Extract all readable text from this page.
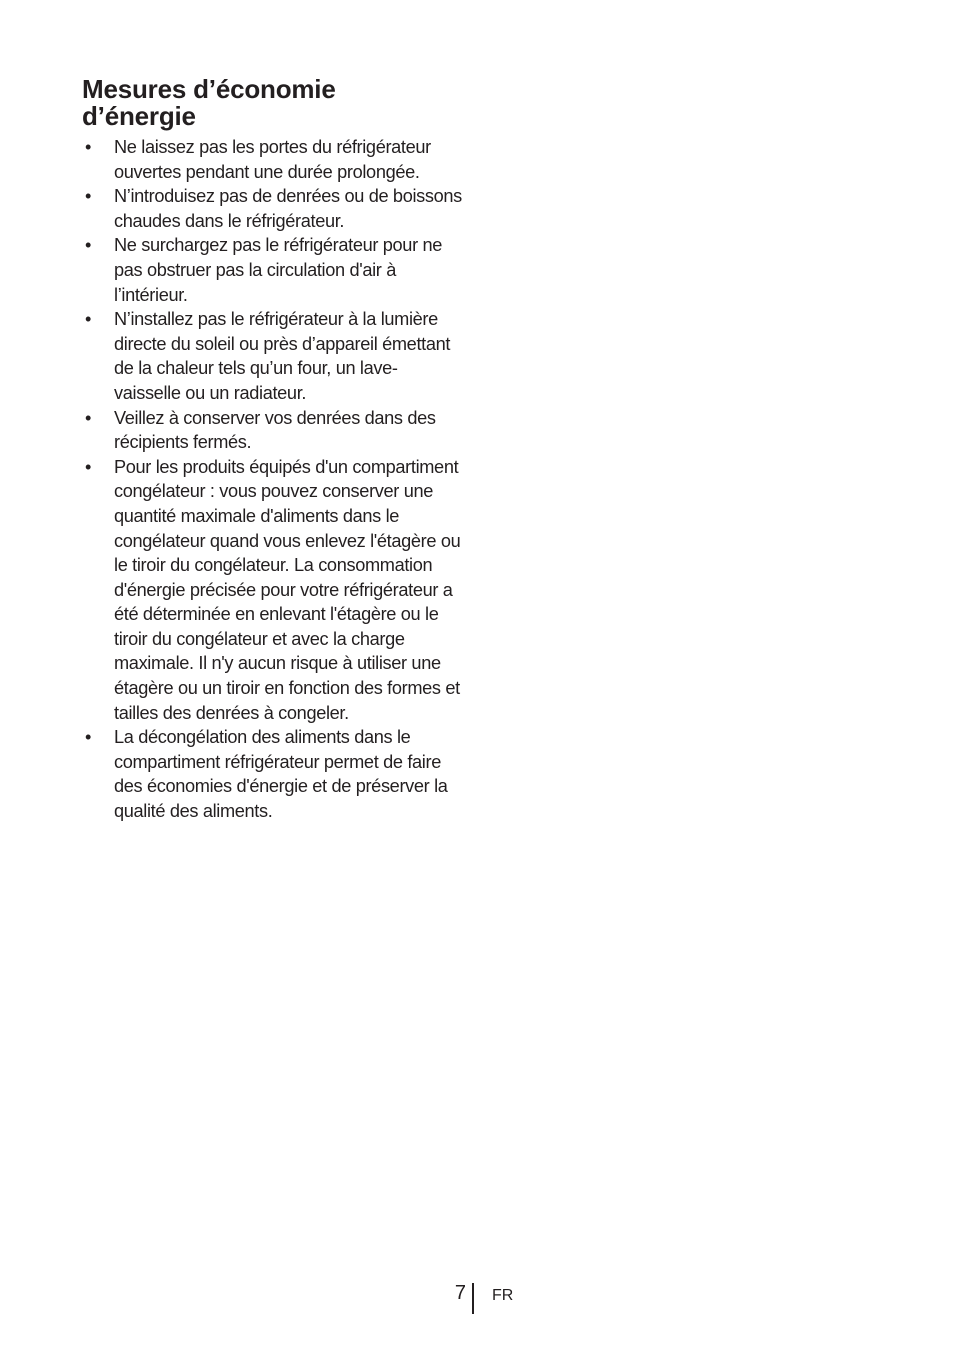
Mesures d’économie
d’énergie
• Ne laissez pas les portes du réfrigérateur ouvertes pendant une durée prolongée.
• N’introduisez pas de denrées ou de boissons chaudes dans le réfrigérateur.
• Ne surchargez pas le réfrigérateur pour ne pas obstruer pas la circulation d'air à l’intérieur.
• N’installez pas le réfrigérateur à la lumière directe du soleil ou près d’appareil émettant de la chaleur tels qu’un four, un lave-vaisselle ou un radiateur.
• Veillez à conserver vos denrées dans des récipients fermés.
• Pour les produits équipés d'un compartiment congélateur : vous pouvez conserver une quantité maximale d'aliments dans le congélateur quand vous enlevez l'étagère ou le tiroir du congélateur. La consommation d'énergie précisée pour votre réfrigérateur a été déterminée en enlevant l'étagère ou le tiroir du congélateur et avec la charge maximale. Il n'y aucun risque à utiliser une étagère ou un tiroir en fonction des formes et tailles des denrées à congeler.
• La décongélation des aliments dans le compartiment réfrigérateur permet de faire des économies d'énergie et de préserver la qualité des aliments.
7 FR
